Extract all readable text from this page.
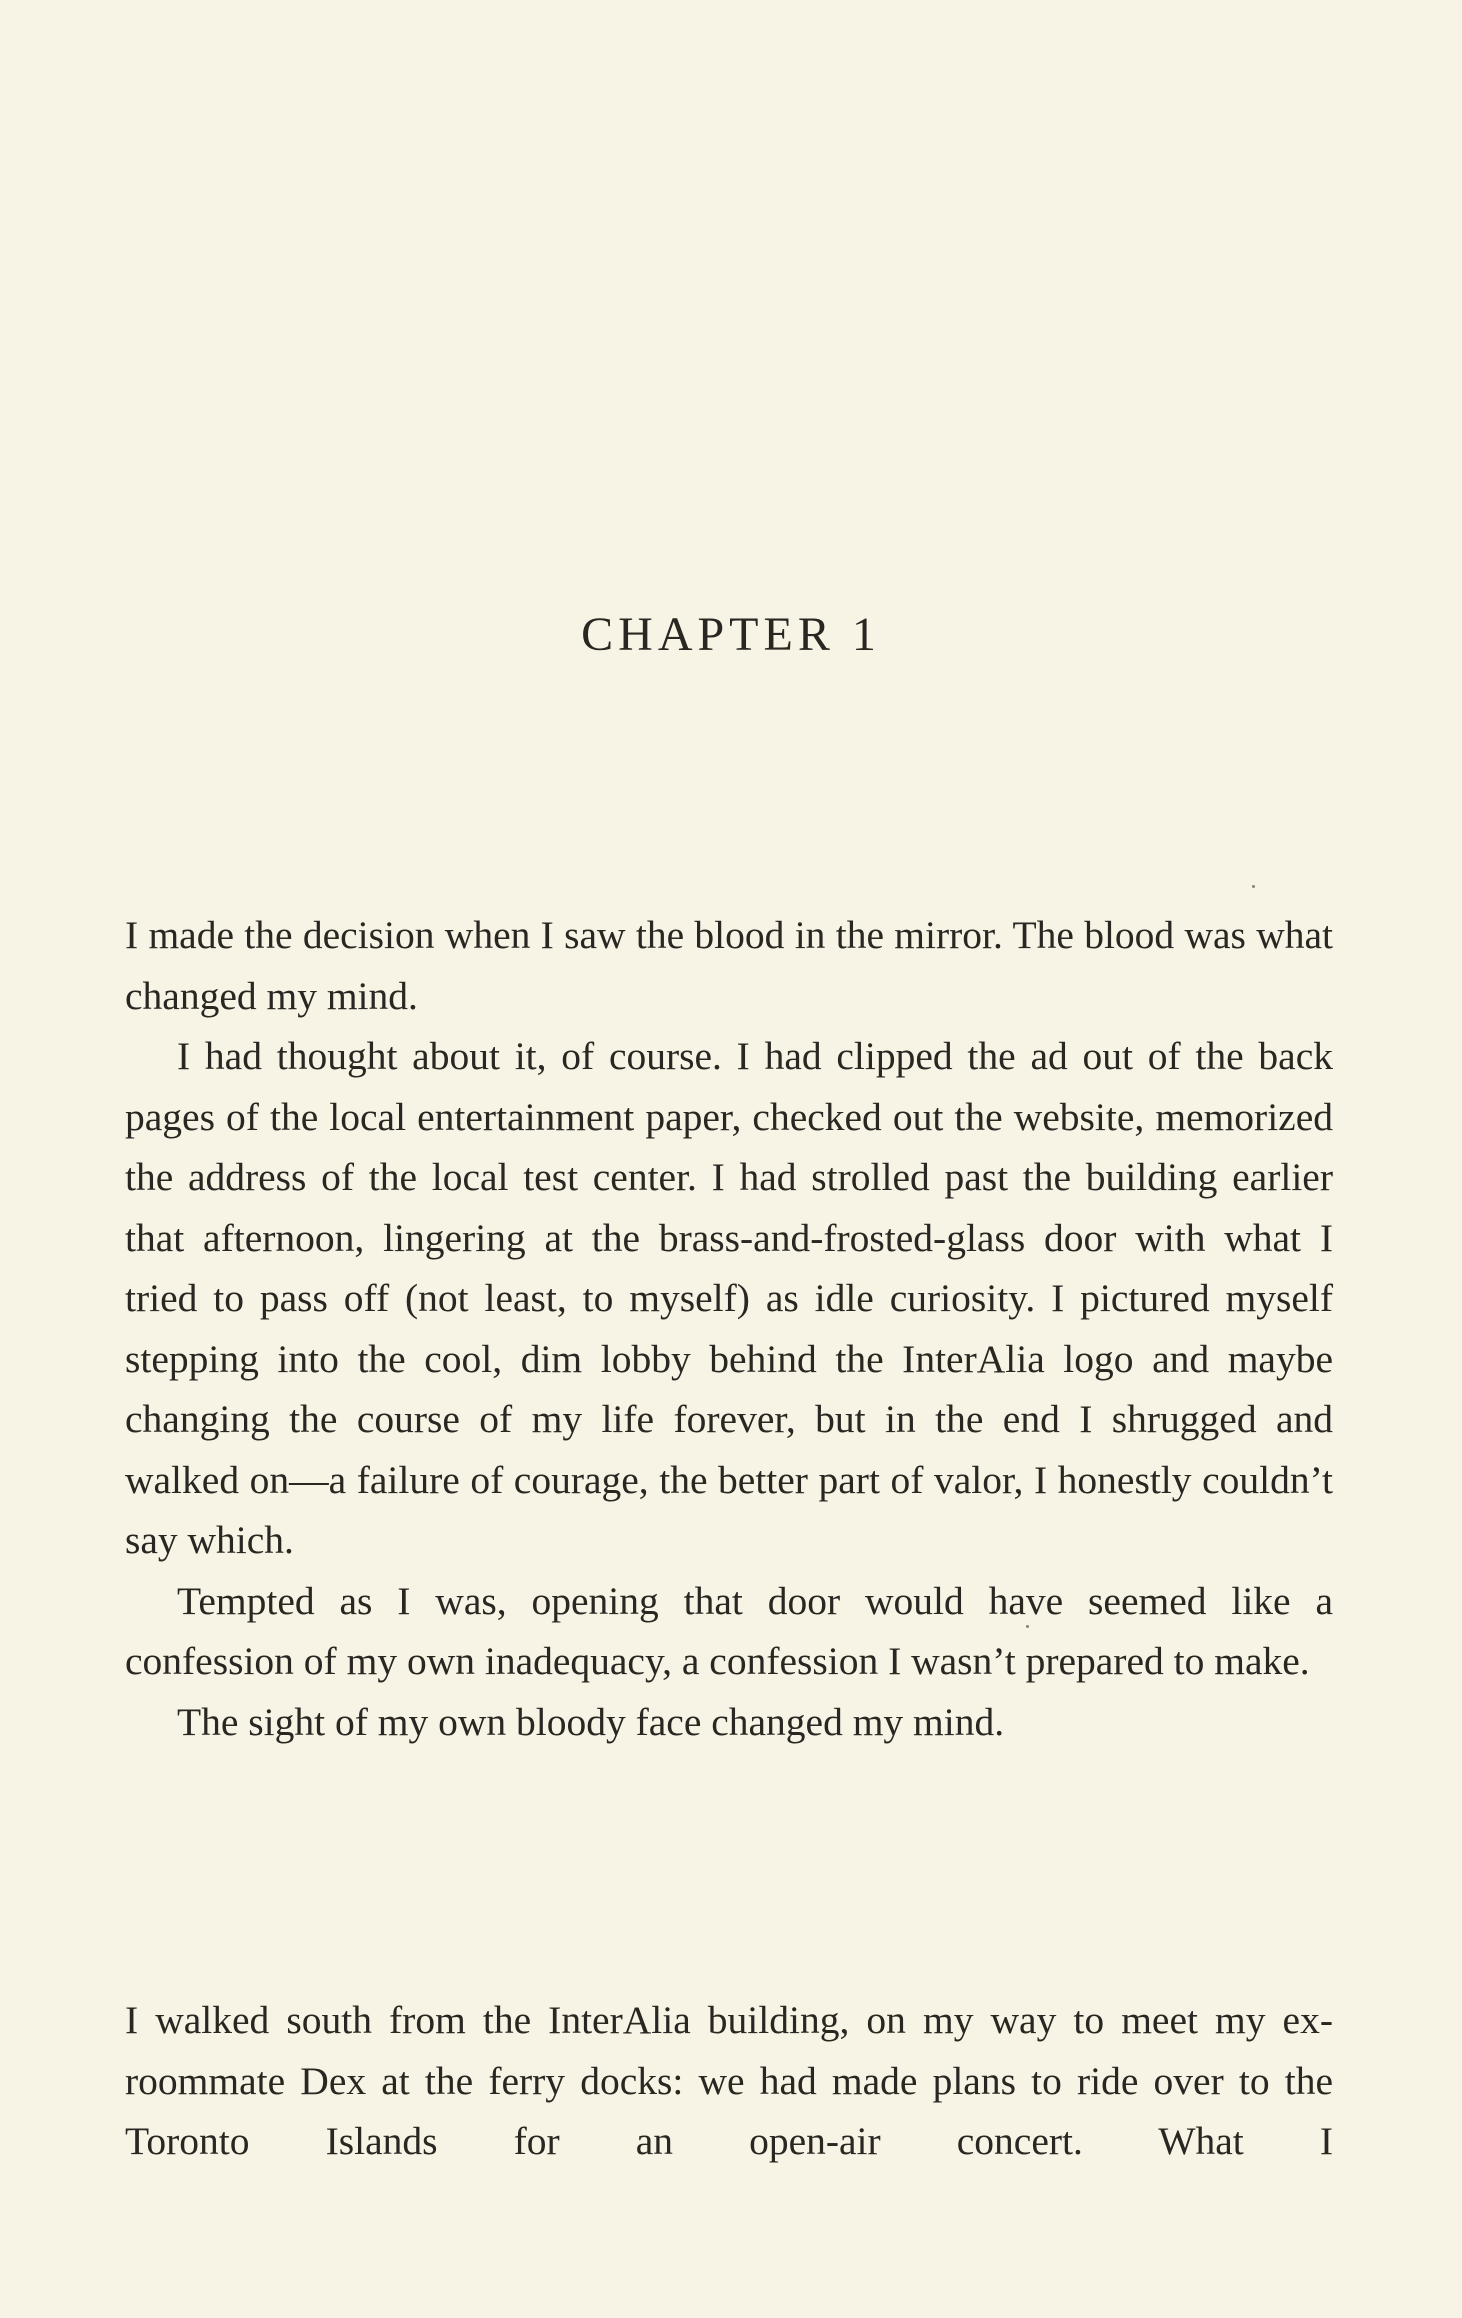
CHAPTER 1

I made the decision when I saw the blood in the mirror. The blood was what changed my mind.

I had thought about it, of course. I had clipped the ad out of the back pages of the local entertainment paper, checked out the website, memorized the address of the local test center. I had strolled past the building earlier that afternoon, lingering at the brass-and-frosted-glass door with what I tried to pass off (not least, to myself) as idle curiosity. I pictured myself stepping into the cool, dim lobby behind the InterAlia logo and maybe changing the course of my life forever, but in the end I shrugged and walked on—a failure of courage, the better part of valor, I honestly couldn’t say which.

Tempted as I was, opening that door would have seemed like a confession of my own inadequacy, a confession I wasn’t prepared to make.

The sight of my own bloody face changed my mind.

I walked south from the InterAlia building, on my way to meet my ex-roommate Dex at the ferry docks: we had made plans to ride over to the Toronto Islands for an open-air concert. What I
